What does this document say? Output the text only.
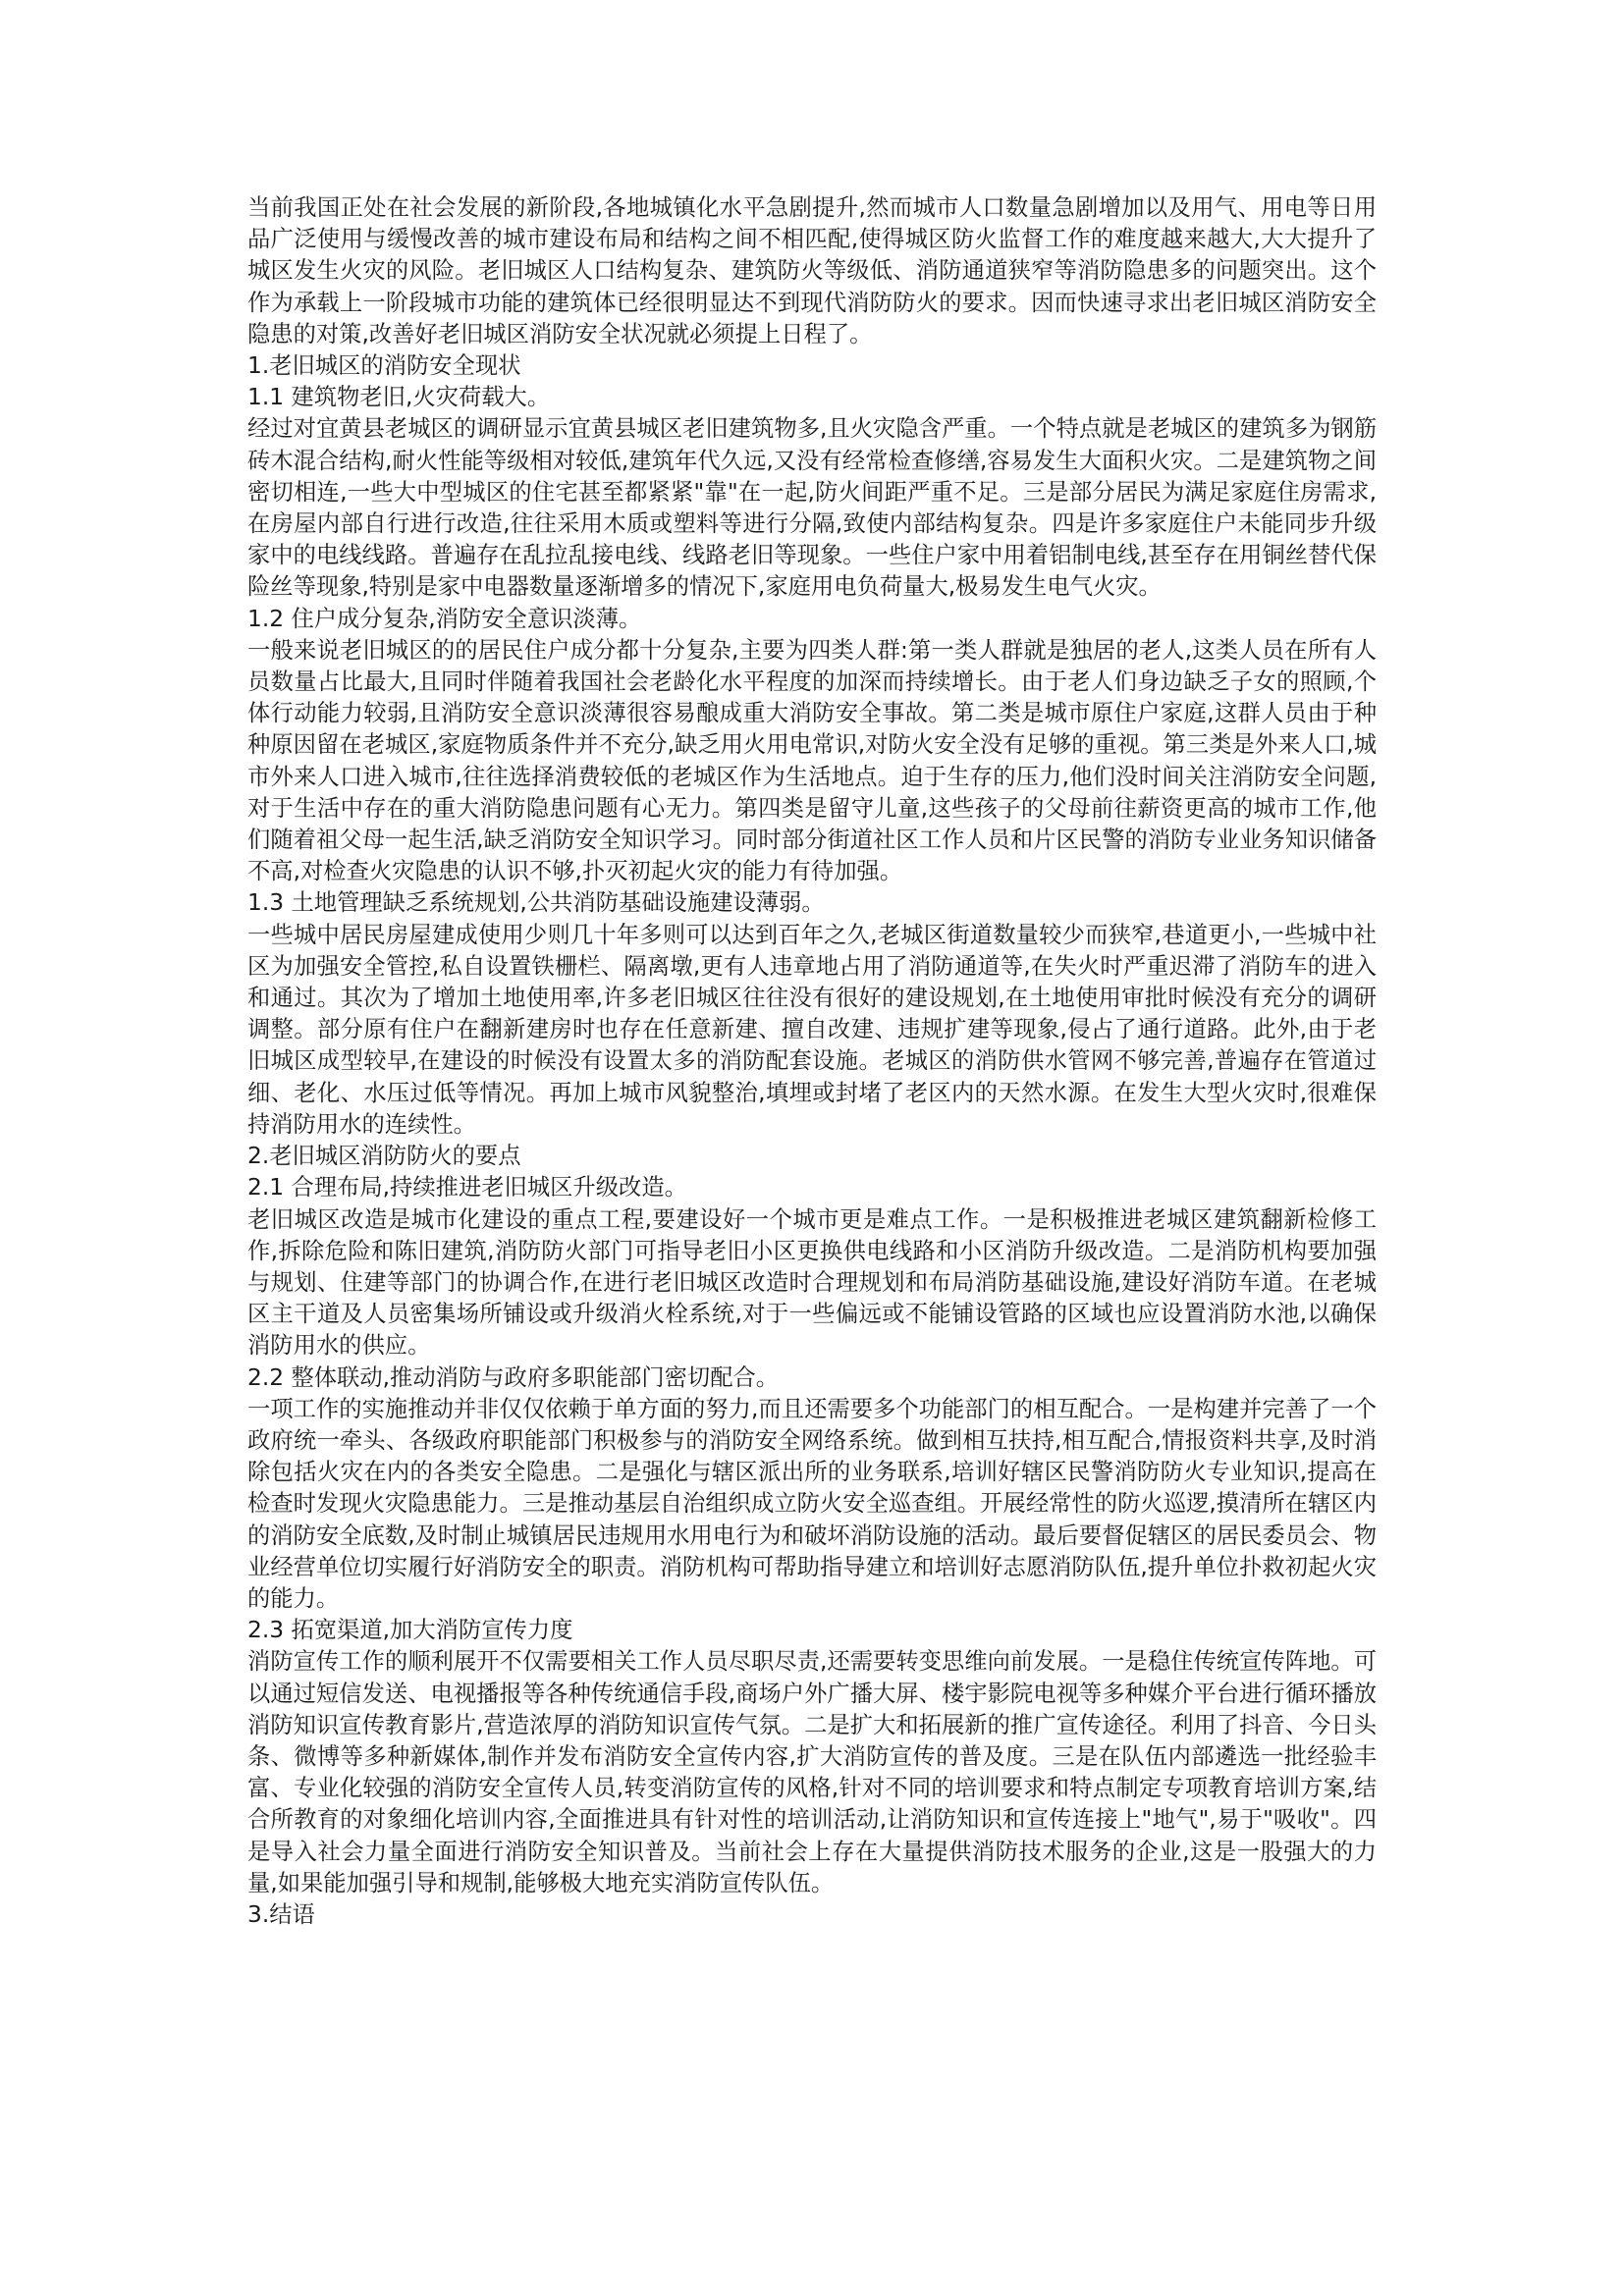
当前我国正处在社会发展的新阶段,各地城镇化水平急剧提升,然而城市人口数量急剧增加以及用气、用电等日用品广泛使用与缓慢改善的城市建设布局和结构之间不相匹配,使得城区防火监督工作的难度越来越大,大大提升了城区发生火灾的风险。老旧城区人口结构复杂、建筑防火等级低、消防通道狭窄等消防隐患多的问题突出。这个作为承载上一阶段城市功能的建筑体已经很明显达不到现代消防防火的要求。因而快速寻求出老旧城区消防安全隐患的对策,改善好老旧城区消防安全状况就必须提上日程了。

1.老旧城区的消防安全现状

1.1 建筑物老旧,火灾荷载大。

经过对宜黄县老城区的调研显示宜黄县城区老旧建筑物多,且火灾隐含严重。一个特点就是老城区的建筑多为钢筋砖木混合结构,耐火性能等级相对较低,建筑年代久远,又没有经常检查修缮,容易发生大面积火灾。二是建筑物之间密切相连,一些大中型城区的住宅甚至都紧紧"靠"在一起,防火间距严重不足。三是部分居民为满足家庭住房需求,在房屋内部自行进行改造,往往采用木质或塑料等进行分隔,致使内部结构复杂。四是许多家庭住户未能同步升级家中的电线线路。普遍存在乱拉乱接电线、线路老旧等现象。一些住户家中用着铝制电线,甚至存在用铜丝替代保险丝等现象,特别是家中电器数量逐渐增多的情况下,家庭用电负荷量大,极易发生电气火灾。

1.2 住户成分复杂,消防安全意识淡薄。

一般来说老旧城区的的居民住户成分都十分复杂,主要为四类人群:第一类人群就是独居的老人,这类人员在所有人员数量占比最大,且同时伴随着我国社会老龄化水平程度的加深而持续增长。由于老人们身边缺乏子女的照顾,个体行动能力较弱,且消防安全意识淡薄很容易酿成重大消防安全事故。第二类是城市原住户家庭,这群人员由于种种原因留在老城区,家庭物质条件并不充分,缺乏用火用电常识,对防火安全没有足够的重视。第三类是外来人口,城市外来人口进入城市,往往选择消费较低的老城区作为生活地点。迫于生存的压力,他们没时间关注消防安全问题,对于生活中存在的重大消防隐患问题有心无力。第四类是留守儿童,这些孩子的父母前往薪资更高的城市工作,他们随着祖父母一起生活,缺乏消防安全知识学习。同时部分街道社区工作人员和片区民警的消防专业业务知识储备不高,对检查火灾隐患的认识不够,扑灭初起火灾的能力有待加强。

1.3 土地管理缺乏系统规划,公共消防基础设施建设薄弱。

一些城中居民房屋建成使用少则几十年多则可以达到百年之久,老城区街道数量较少而狭窄,巷道更小,一些城中社区为加强安全管控,私自设置铁栅栏、隔离墩,更有人违章地占用了消防通道等,在失火时严重迟滞了消防车的进入和通过。其次为了增加土地使用率,许多老旧城区往往没有很好的建设规划,在土地使用审批时候没有充分的调研调整。部分原有住户在翻新建房时也存在任意新建、擅自改建、违规扩建等现象,侵占了通行道路。此外,由于老旧城区成型较早,在建设的时候没有设置太多的消防配套设施。老城区的消防供水管网不够完善,普遍存在管道过细、老化、水压过低等情况。再加上城市风貌整治,填埋或封堵了老区内的天然水源。在发生大型火灾时,很难保持消防用水的连续性。

2.老旧城区消防防火的要点

2.1 合理布局,持续推进老旧城区升级改造。

老旧城区改造是城市化建设的重点工程,要建设好一个城市更是难点工作。一是积极推进老城区建筑翻新检修工作,拆除危险和陈旧建筑,消防防火部门可指导老旧小区更换供电线路和小区消防升级改造。二是消防机构要加强与规划、住建等部门的协调合作,在进行老旧城区改造时合理规划和布局消防基础设施,建设好消防车道。在老城区主干道及人员密集场所铺设或升级消火栓系统,对于一些偏远或不能铺设管路的区域也应设置消防水池,以确保消防用水的供应。

2.2 整体联动,推动消防与政府多职能部门密切配合。

一项工作的实施推动并非仅仅依赖于单方面的努力,而且还需要多个功能部门的相互配合。一是构建并完善了一个政府统一牵头、各级政府职能部门积极参与的消防安全网络系统。做到相互扶持,相互配合,情报资料共享,及时消除包括火灾在内的各类安全隐患。二是强化与辖区派出所的业务联系,培训好辖区民警消防防火专业知识,提高在检查时发现火灾隐患能力。三是推动基层自治组织成立防火安全巡查组。开展经常性的防火巡逻,摸清所在辖区内的消防安全底数,及时制止城镇居民违规用水用电行为和破坏消防设施的活动。最后要督促辖区的居民委员会、物业经营单位切实履行好消防安全的职责。消防机构可帮助指导建立和培训好志愿消防队伍,提升单位扑救初起火灾的能力。

2.3 拓宽渠道,加大消防宣传力度

消防宣传工作的顺利展开不仅需要相关工作人员尽职尽责,还需要转变思维向前发展。一是稳住传统宣传阵地。可以通过短信发送、电视播报等各种传统通信手段,商场户外广播大屏、楼宇影院电视等多种媒介平台进行循环播放消防知识宣传教育影片,营造浓厚的消防知识宣传气氛。二是扩大和拓展新的推广宣传途径。利用了抖音、今日头条、微博等多种新媒体,制作并发布消防安全宣传内容,扩大消防宣传的普及度。三是在队伍内部遴选一批经验丰富、专业化较强的消防安全宣传人员,转变消防宣传的风格,针对不同的培训要求和特点制定专项教育培训方案,结合所教育的对象细化培训内容,全面推进具有针对性的培训活动,让消防知识和宣传连接上"地气",易于"吸收"。四是导入社会力量全面进行消防安全知识普及。当前社会上存在大量提供消防技术服务的企业,这是一股强大的力量,如果能加强引导和规制,能够极大地充实消防宣传队伍。

3.结语
